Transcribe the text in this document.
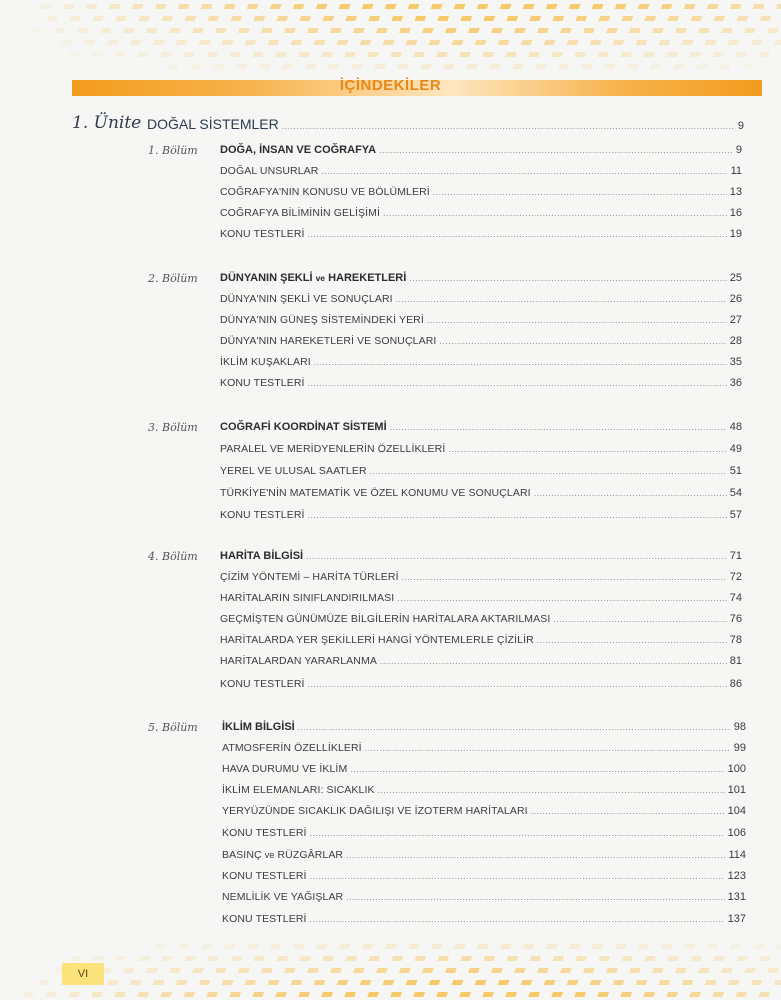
İÇİNDEKİLER
1. Ünite DOĞAL SİSTEMLER .....	9
1. Bölüm DOĞA, İNSAN VE COĞRAFYA .....	9
DOĞAL UNSURLAR .....	11
COĞRAFYA'NIN KONUSU VE BÖLÜMLERİ .....	13
COĞRAFYA BİLİMİNİN GELİŞİMİ .....	16
KONU TESTLERİ .....	19
2. Bölüm DÜNYANIN ŞEKLİ ve HAREKETLERİ .....	25
DÜNYA'NIN ŞEKLİ VE SONUÇLARI .....	26
DÜNYA'NIN GÜNEŞ SİSTEMİNDEKİ YERİ .....	27
DÜNYA'NIN HAREKETLERİ VE SONUÇLARI .....	28
İKLİM KUŞAKLARI .....	35
KONU TESTLERİ .....	36
3. Bölüm COĞRAFİ KOORDİNAT SİSTEMİ .....	48
PARALEL VE MERİDYENLERİN ÖZELLİKLERİ .....	49
YEREL VE ULUSAL SAATLER .....	51
TÜRKİYE'NİN MATEMATİK VE ÖZEL KONUMU VE SONUÇLARI .....	54
KONU TESTLERİ .....	57
4. Bölüm HARİTA BİLGİSİ .....	71
ÇİZİM YÖNTEMİ – HARİTA TÜRLERİ .....	72
HARİTALARIN SINIFLANDIRILMASI .....	74
GEÇMİŞTEN GÜNÜMÜZE BİLGİLERİN HARİTALARA AKTARILMASI .....	76
HARİTALARDA YER ŞEKİLLERİ HANGİ YÖNTEMLERLE ÇİZİLİR .....	78
HARİTALARDAN YARARLANMA .....	81
KONU TESTLERİ .....	86
5. Bölüm İKLİM BİLGİSİ .....	98
ATMOSFERİN ÖZELLİKLERİ .....	99
HAVA DURUMU VE İKLİM .....	100
İKLİM ELEMANLARI: SICAKLIK .....	101
YERYÜZÜNDE SICAKLIK DAĞILIŞI VE İZOTERM HARİTALARI .....	104
KONU TESTLERİ .....	106
BASINÇ ve RÜZGÂRLAR .....	114
KONU TESTLERİ .....	123
NEMLİLİK VE YAĞIŞLAR .....	131
KONU TESTLERİ .....	137
VI
